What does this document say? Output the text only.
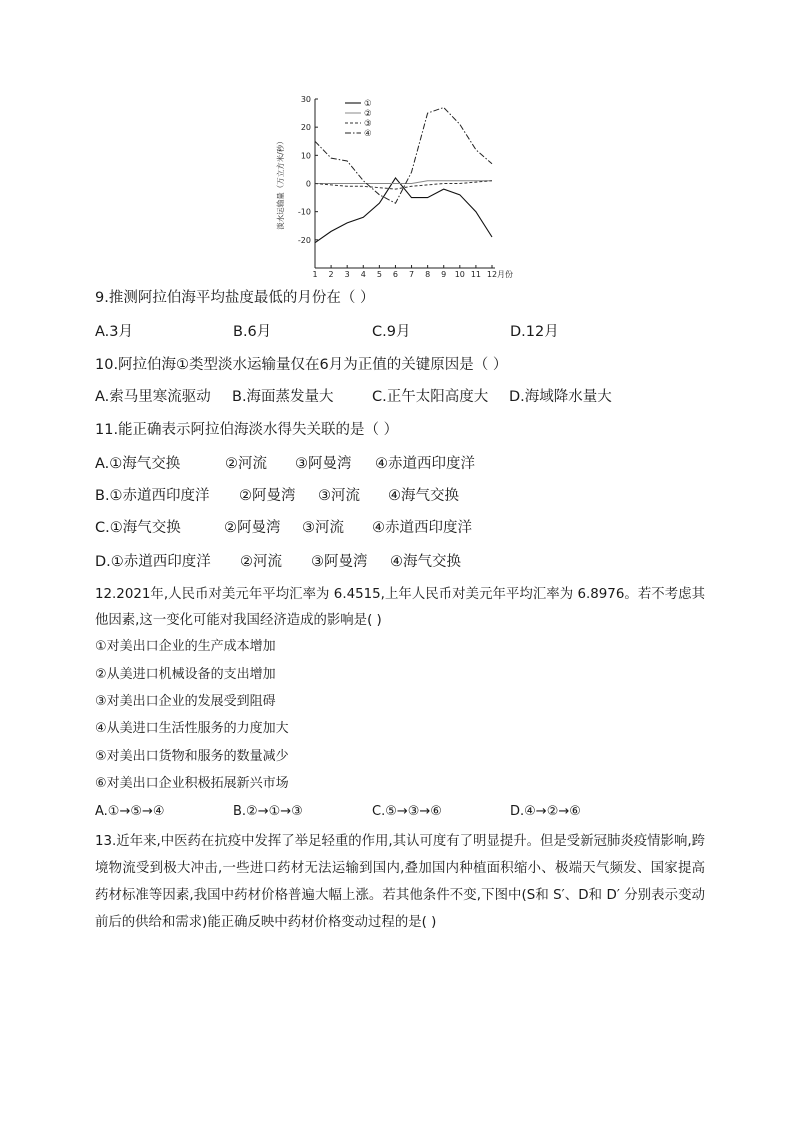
30
20
10
0
-10
-20
1 2 3 4 5 6 7 8 9 10 11 12 月份
淡水运输量（万立方米/秒）
①
②
③
④
9.推测阿拉伯海平均盐度最低的月份在（ ）
A.3月	B.6月	C.9月	D.12月
10.阿拉伯海①类型淡水运输量仅在6月为正值的关键原因是（ ）
A.索马里寒流驱动 B.海面蒸发量大	C.正午太阳高度大 D.海域降水量大
11.能正确表示阿拉伯海淡水得失关联的是（ ）
A.①海气交换	②河流 ③阿曼湾 ④赤道西印度洋
B.①赤道西印度洋 ②阿曼湾 ③河流 ④海气交换
C.①海气交换	②阿曼湾 ③河流 ④赤道西印度洋
D.①赤道西印度洋 ②河流 ③阿曼湾 ④海气交换
12.2021年,人民币对美元年平均汇率为 6.4515,上年人民币对美元年平均汇率为 6.8976。若不考虑其他因素,这一变化可能对我国经济造成的影响是( )
①对美出口企业的生产成本增加
②从美进口机械设备的支出增加
③对美出口企业的发展受到阻碍
④从美进口生活性服务的力度加大
⑤对美出口货物和服务的数量减少
⑥对美出口企业积极拓展新兴市场
A.①→⑤→④	B.②→①→③	C.⑤→③→⑥	D.④→②→⑥
13.近年来,中医药在抗疫中发挥了举足轻重的作用,其认可度有了明显提升。但是受新冠肺炎疫情影响,跨境物流受到极大冲击,一些进口药材无法运输到国内,叠加国内种植面积缩小、极端天气频发、国家提高药材标准等因素,我国中药材价格普遍大幅上涨。若其他条件不变,下图中(S和 S′、D和 D′ 分别表示变动前后的供给和需求)能正确反映中药材价格变动过程的是( )
